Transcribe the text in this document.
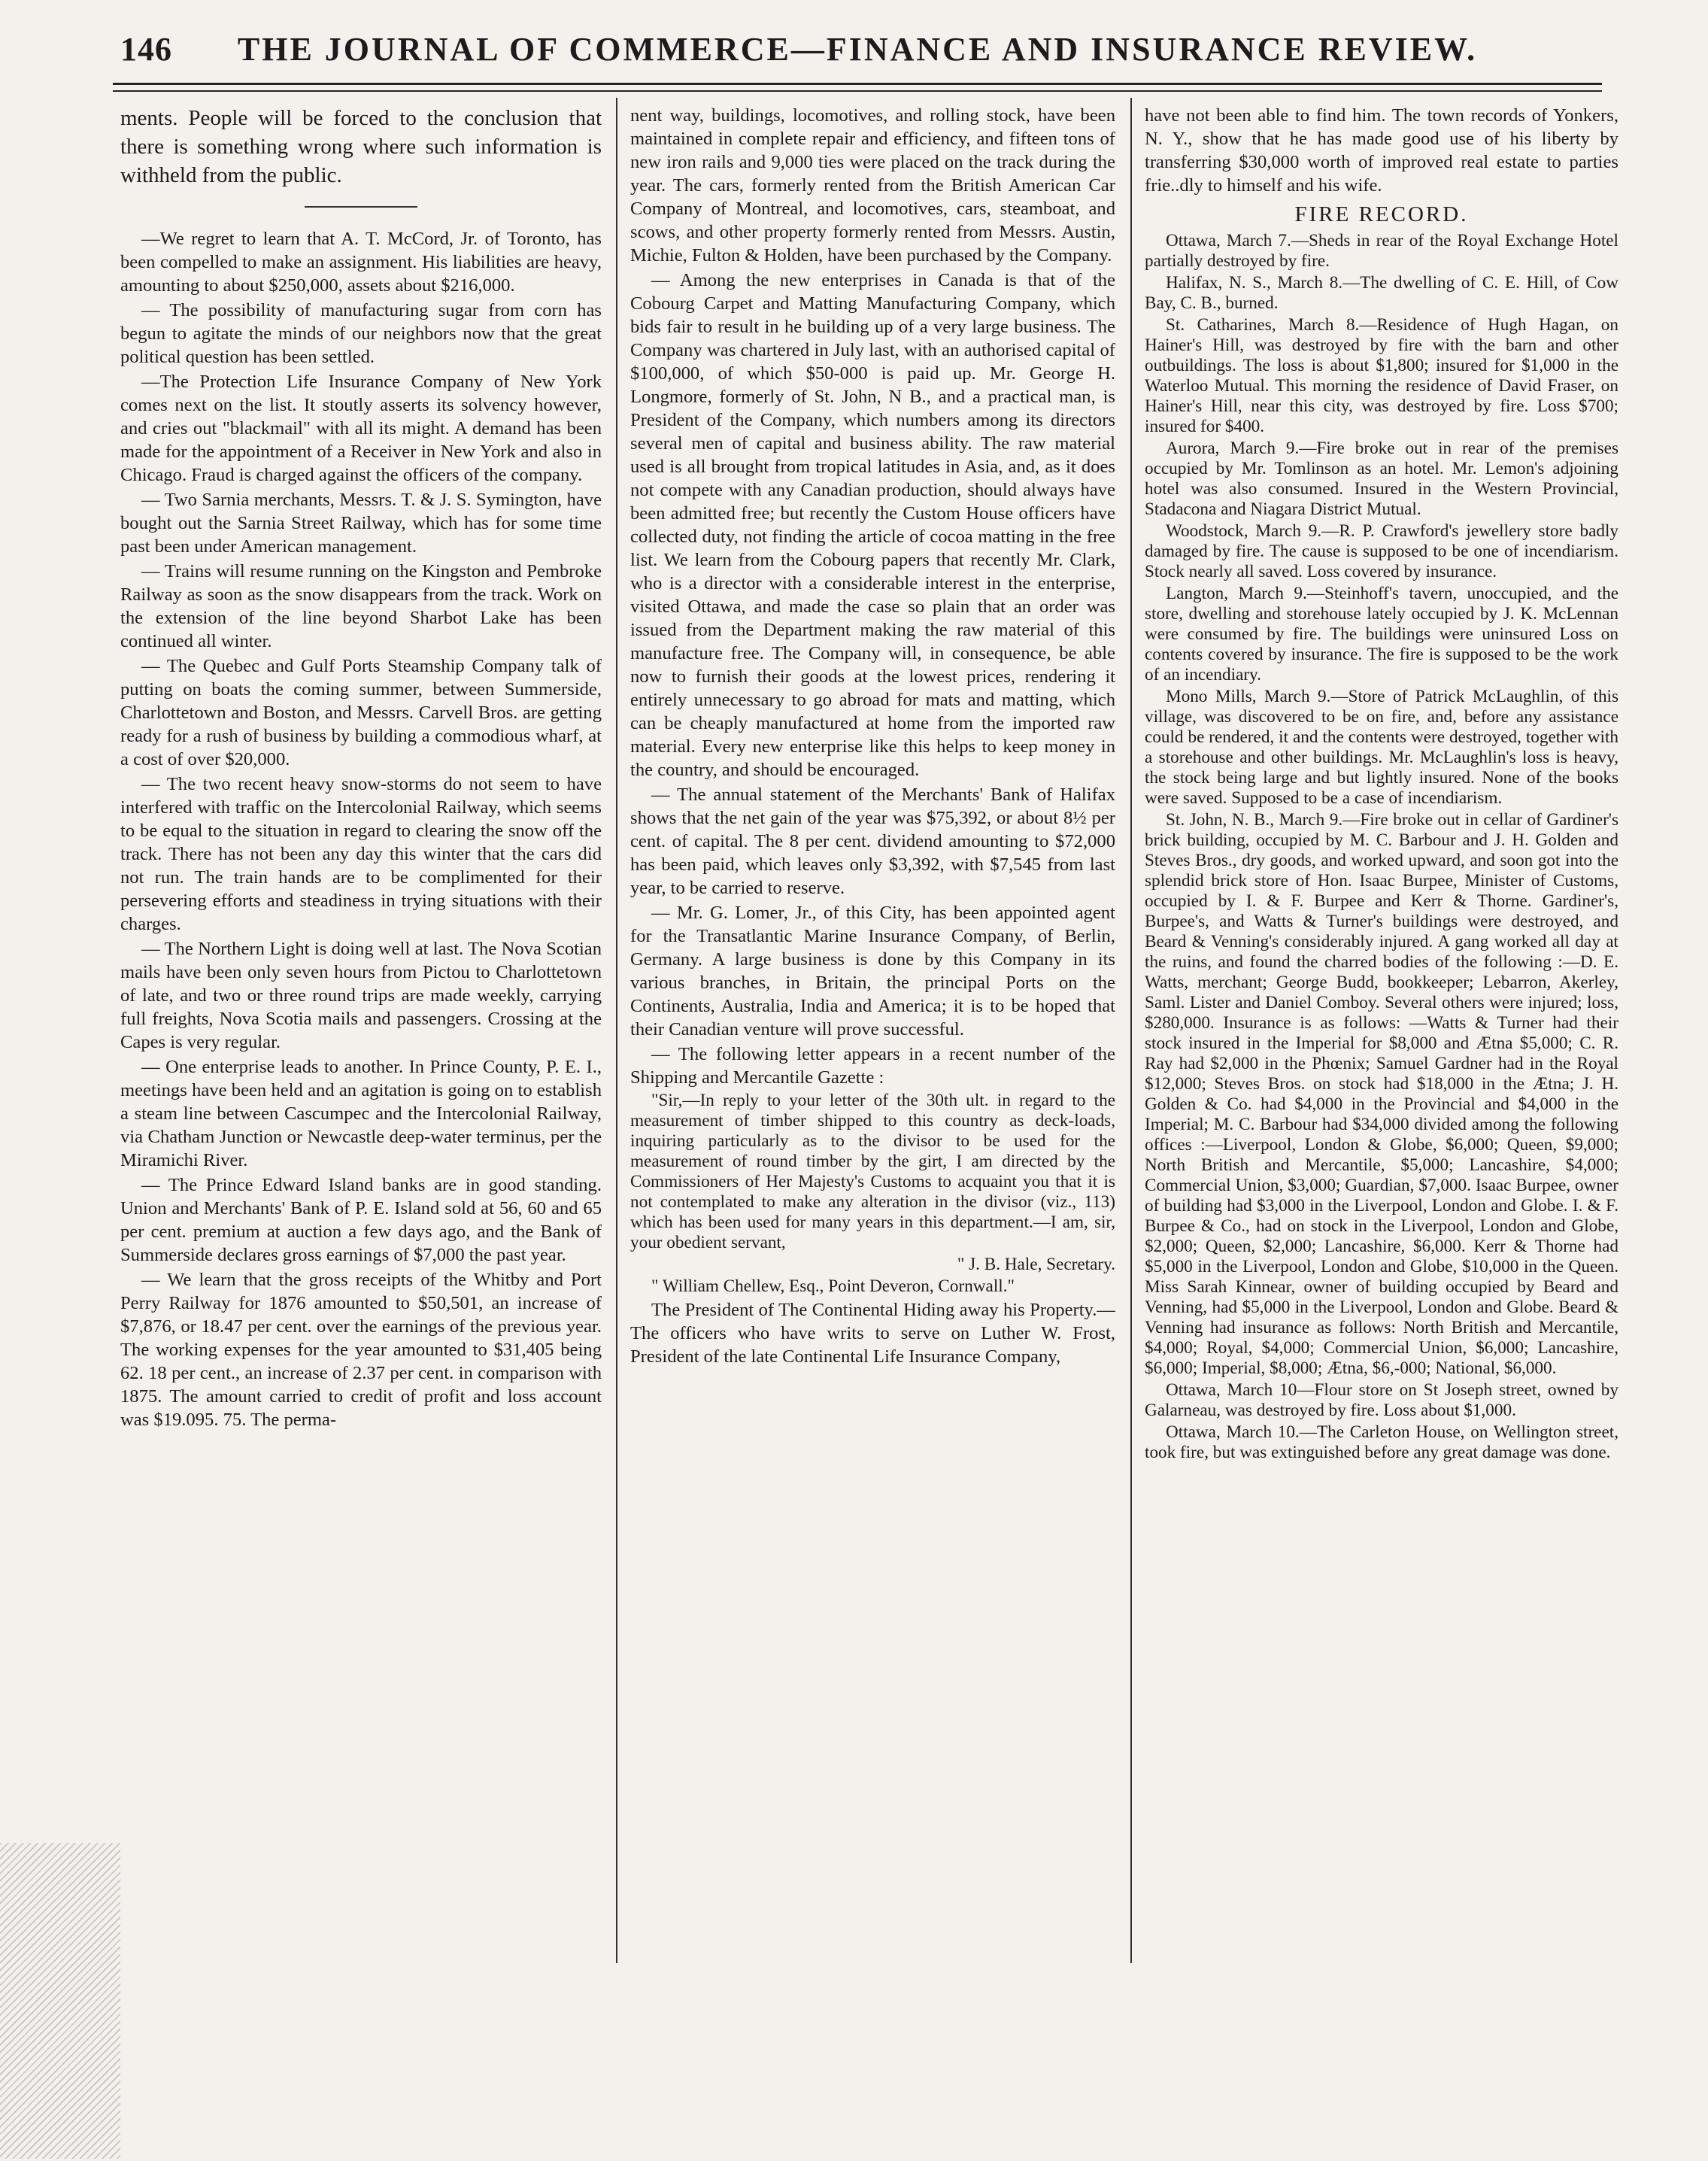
146	THE JOURNAL OF COMMERCE—FINANCE AND INSURANCE REVIEW.

ments. People will be forced to the conclusion that there is something wrong where such information is withheld from the public.

—We regret to learn that A. T. McCord, Jr. of Toronto, has been compelled to make an assignment. His liabilities are heavy, amounting to about $250,000, assets about $216,000.

— The possibility of manufacturing sugar from corn has begun to agitate the minds of our neighbors now that the great political question has been settled.

—The Protection Life Insurance Company of New York comes next on the list. It stoutly asserts its solvency however, and cries out "blackmail" with all its might. A demand has been made for the appointment of a Receiver in New York and also in Chicago. Fraud is charged against the officers of the company.

— Two Sarnia merchants, Messrs. T. & J. S. Symington, have bought out the Sarnia Street Railway, which has for some time past been under American management.

— Trains will resume running on the Kingston and Pembroke Railway as soon as the snow disappears from the track. Work on the extension of the line beyond Sharbot Lake has been continued all winter.

— The Quebec and Gulf Ports Steamship Company talk of putting on boats the coming summer, between Summerside, Charlottetown and Boston, and Messrs. Carvell Bros. are getting ready for a rush of business by building a commodious wharf, at a cost of over $20,000.

— The two recent heavy snow-storms do not seem to have interfered with traffic on the Intercolonial Railway, which seems to be equal to the situation in regard to clearing the snow off the track. There has not been any day this winter that the cars did not run. The train hands are to be complimented for their persevering efforts and steadiness in trying situations with their charges.

— The Northern Light is doing well at last. The Nova Scotian mails have been only seven hours from Pictou to Charlottetown of late, and two or three round trips are made weekly, carrying full freights, Nova Scotia mails and passengers. Crossing at the Capes is very regular.

— One enterprise leads to another. In Prince County, P. E. I., meetings have been held and an agitation is going on to establish a steam line between Cascumpec and the Intercolonial Railway, via Chatham Junction or Newcastle deep-water terminus, per the Miramichi River.

— The Prince Edward Island banks are in good standing. Union and Merchants' Bank of P. E. Island sold at 56, 60 and 65 per cent. premium at auction a few days ago, and the Bank of Summerside declares gross earnings of $7,000 the past year.

— We learn that the gross receipts of the Whitby and Port Perry Railway for 1876 amounted to $50,501, an increase of $7,876, or 18.47 per cent. over the earnings of the previous year. The working expenses for the year amounted to $31,405 being 62. 18 per cent., an increase of 2.37 per cent. in comparison with 1875. The amount carried to credit of profit and loss account was $19.095. 75. The perma-

nent way, buildings, locomotives, and rolling stock, have been maintained in complete repair and efficiency, and fifteen tons of new iron rails and 9,000 ties were placed on the track during the year. The cars, formerly rented from the British American Car Company of Montreal, and locomotives, cars, steamboat, and scows, and other property formerly rented from Messrs. Austin, Michie, Fulton & Holden, have been purchased by the Company.

— Among the new enterprises in Canada is that of the Cobourg Carpet and Matting Manufacturing Company, which bids fair to result in he building up of a very large business. The Company was chartered in July last, with an authorised capital of $100,000, of which $50-000 is paid up. Mr. George H. Longmore, formerly of St. John, N B., and a practical man, is President of the Company, which numbers among its directors several men of capital and business ability. The raw material used is all brought from tropical latitudes in Asia, and, as it does not compete with any Canadian production, should always have been admitted free; but recently the Custom House officers have collected duty, not finding the article of cocoa matting in the free list. We learn from the Cobourg papers that recently Mr. Clark, who is a director with a considerable interest in the enterprise, visited Ottawa, and made the case so plain that an order was issued from the Department making the raw material of this manufacture free. The Company will, in consequence, be able now to furnish their goods at the lowest prices, rendering it entirely unnecessary to go abroad for mats and matting, which can be cheaply manufactured at home from the imported raw material. Every new enterprise like this helps to keep money in the country, and should be encouraged.

— The annual statement of the Merchants' Bank of Halifax shows that the net gain of the year was $75,392, or about 8½ per cent. of capital. The 8 per cent. dividend amounting to $72,000 has been paid, which leaves only $3,392, with $7,545 from last year, to be carried to reserve.

— Mr. G. Lomer, Jr., of this City, has been appointed agent for the Transatlantic Marine Insurance Company, of Berlin, Germany. A large business is done by this Company in its various branches, in Britain, the principal Ports on the Continents, Australia, India and America; it is to be hoped that their Canadian venture will prove successful.

— The following letter appears in a recent number of the Shipping and Mercantile Gazette :

"Sir,—In reply to your letter of the 30th ult. in regard to the measurement of timber shipped to this country as deck-loads, inquiring particularly as to the divisor to be used for the measurement of round timber by the girt, I am directed by the Commissioners of Her Majesty's Customs to acquaint you that it is not contemplated to make any alteration in the divisor (viz., 113) which has been used for many years in this department.—I am, sir, your obedient servant,

" J. B. Hale, Secretary.

" William Chellew, Esq., Point Deveron, Cornwall."

The President of The Continental Hiding away his Property.—The officers who have writs to serve on Luther W. Frost, President of the late Continental Life Insurance Company,

have not been able to find him. The town records of Yonkers, N. Y., show that he has made good use of his liberty by transferring $30,000 worth of improved real estate to parties frie..dly to himself and his wife.

FIRE RECORD.

Ottawa, March 7.—Sheds in rear of the Royal Exchange Hotel partially destroyed by fire.

Halifax, N. S., March 8.—The dwelling of C. E. Hill, of Cow Bay, C. B., burned.

St. Catharines, March 8.—Residence of Hugh Hagan, on Hainer's Hill, was destroyed by fire with the barn and other outbuildings. The loss is about $1,800; insured for $1,000 in the Waterloo Mutual. This morning the residence of David Fraser, on Hainer's Hill, near this city, was destroyed by fire. Loss $700; insured for $400.

Aurora, March 9.—Fire broke out in rear of the premises occupied by Mr. Tomlinson as an hotel. Mr. Lemon's adjoining hotel was also consumed. Insured in the Western Provincial, Stadacona and Niagara District Mutual.

Woodstock, March 9.—R. P. Crawford's jewellery store badly damaged by fire. The cause is supposed to be one of incendiarism. Stock nearly all saved. Loss covered by insurance.

Langton, March 9.—Steinhoff's tavern, unoccupied, and the store, dwelling and storehouse lately occupied by J. K. McLennan were consumed by fire. The buildings were uninsured Loss on contents covered by insurance. The fire is supposed to be the work of an incendiary.

Mono Mills, March 9.—Store of Patrick McLaughlin, of this village, was discovered to be on fire, and, before any assistance could be rendered, it and the contents were destroyed, together with a storehouse and other buildings. Mr. McLaughlin's loss is heavy, the stock being large and but lightly insured. None of the books were saved. Supposed to be a case of incendiarism.

St. John, N. B., March 9.—Fire broke out in cellar of Gardiner's brick building, occupied by M. C. Barbour and J. H. Golden and Steves Bros., dry goods, and worked upward, and soon got into the splendid brick store of Hon. Isaac Burpee, Minister of Customs, occupied by I. & F. Burpee and Kerr & Thorne. Gardiner's, Burpee's, and Watts & Turner's buildings were destroyed, and Beard & Venning's considerably injured. A gang worked all day at the ruins, and found the charred bodies of the following :—D. E. Watts, merchant; George Budd, bookkeeper; Lebarron, Akerley, Saml. Lister and Daniel Comboy. Several others were injured; loss, $280,000. Insurance is as follows: —Watts & Turner had their stock insured in the Imperial for $8,000 and Ætna $5,000; C. R. Ray had $2,000 in the Phœnix; Samuel Gardner had in the Royal $12,000; Steves Bros. on stock had $18,000 in the Ætna; J. H. Golden & Co. had $4,000 in the Provincial and $4,000 in the Imperial; M. C. Barbour had $34,000 divided among the following offices :—Liverpool, London & Globe, $6,000; Queen, $9,000; North British and Mercantile, $5,000; Lancashire, $4,000; Commercial Union, $3,000; Guardian, $7,000. Isaac Burpee, owner of building had $3,000 in the Liverpool, London and Globe. I. & F. Burpee & Co., had on stock in the Liverpool, London and Globe, $2,000; Queen, $2,000; Lancashire, $6,000. Kerr & Thorne had $5,000 in the Liverpool, London and Globe, $10,000 in the Queen. Miss Sarah Kinnear, owner of building occupied by Beard and Venning, had $5,000 in the Liverpool, London and Globe. Beard & Venning had insurance as follows: North British and Mercantile, $4,000; Royal, $4,000; Commercial Union, $6,000; Lancashire, $6,000; Imperial, $8,000; Ætna, $6,-000; National, $6,000.

Ottawa, March 10—Flour store on St Joseph street, owned by Galarneau, was destroyed by fire. Loss about $1,000.

Ottawa, March 10.—The Carleton House, on Wellington street, took fire, but was extinguished before any great damage was done.
